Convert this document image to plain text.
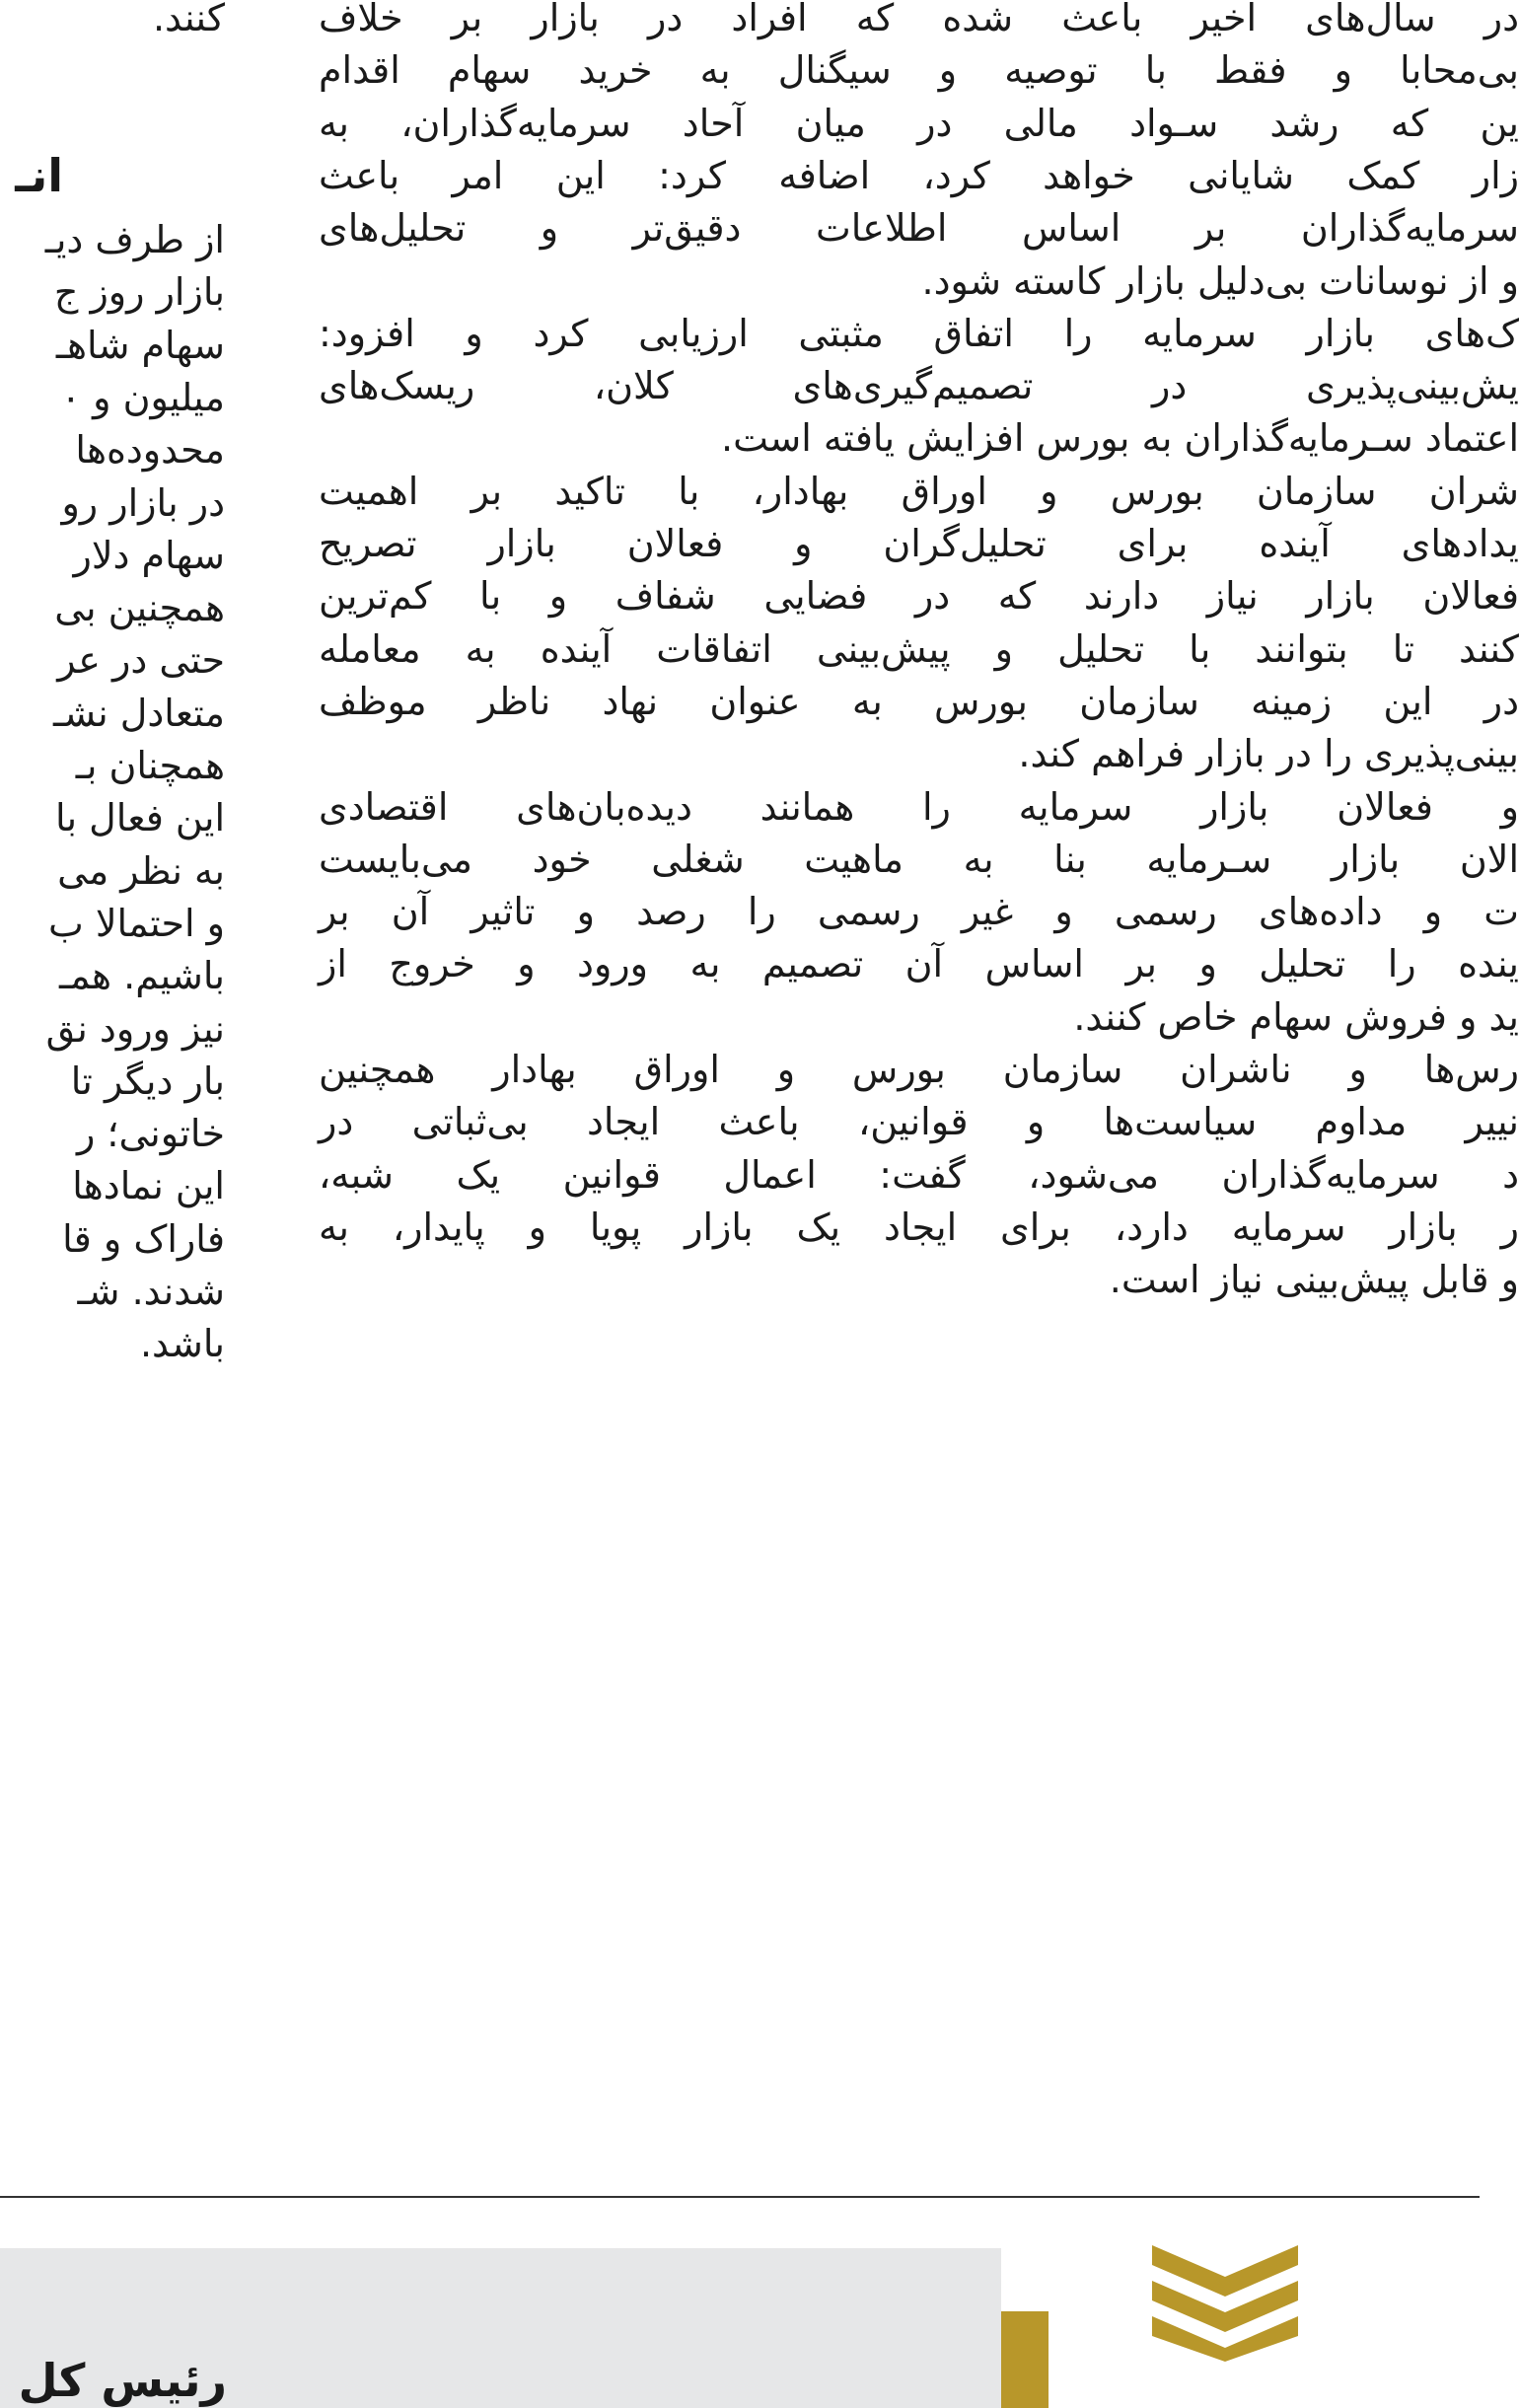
کنند.
از طرف دیـ
بازار روز ج
سهام شاهـ
میلیون و ۰
محدوده‌ها
در بازار رو
سهام دلار
همچنین بی
حتی در عر
متعادل نشـ
همچنان بـ
این فعال با
به نظر می
و احتمالا ب
باشیم. همـ
نیز ورود نق
بار دیگر تا
خاتونی؛ ر
این نمادها
فاراک و قا
شدند. شـ
باشد.
انـ
در سال‌های اخیر باعث شده که افراد در بازار بر خلاف
بی‌محابا و فقط با توصیه و سیگنال به خرید سهام اقدام
ین که رشد سـواد مالی در میان آحاد سرمایه‌گذاران، به
زار کمک شایانی خواهد کرد، اضافه کرد: این امر باعث
سرمایه‌گذاران بر اساس اطلاعات دقیق‌تر و تحلیل‌های
و از نوسانات بی‌دلیل بازار کاسته شود.
ک‌های بازار سرمایه را اتفاق مثبتی ارزیابی کرد و افزود:
یش‌بینی‌پذیری در تصمیم‌گیری‌های کلان، ریسک‌های
اعتماد سـرمایه‌گذاران به بورس افزایش یافته است.
شران سازمان بورس و اوراق بهادار، با تاکید بر اهمیت
یدادهای آینده برای تحلیل‌گران و فعالان بازار تصریح
فعالان بازار نیاز دارند که در فضایی شفاف و با کم‌ترین
کنند تا بتوانند با تحلیل و پیش‌بینی اتفاقات آینده به معامله
در این زمینه سازمان بورس به عنوان نهاد ناظر موظف
بینی‌پذیری را در بازار فراهم کند.
و فعالان بازار سرمایه را همانند دیده‌بان‌های اقتصادی
الان بازار سـرمایه بنا به ماهیت شغلی خود می‌بایست
ت و داده‌های رسمی و غیر رسمی را رصد و تاثیر آن بر
ینده را تحلیل و بر اساس آن تصمیم به ورود و خروج از
ید و فروش سهام خاص کنند.
رس‌ها و ناشران سازمان بورس و اوراق بهادار همچنین
نییر مداوم سیاست‌ها و قوانین، باعث ایجاد بی‌ثباتی در
د سرمایه‌گذاران می‌شود، گفت: اعمال قوانین یک شبه،
ر بازار سرمایه دارد، برای ایجاد یک بازار پویا و پایدار، به
و قابل پیش‌بینی نیاز است.
رئیس کل
